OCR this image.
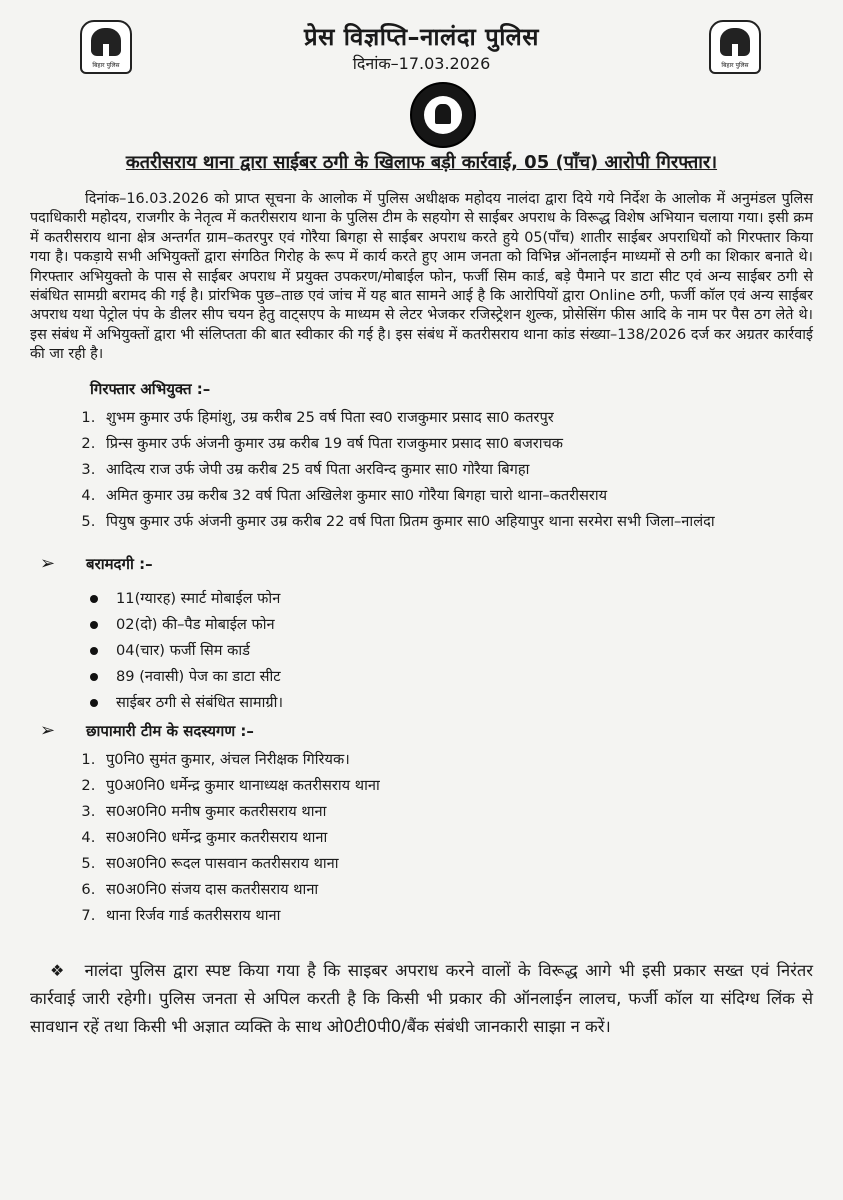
बिहार पुलिस
प्रेस विज्ञप्ति–नालंदा पुलिस
दिनांक–17.03.2026	बिहार पुलिस
कतरीसराय थाना द्वारा साईबर ठगी के खिलाफ बड़ी कार्रवाई, 05 (पाँच) आरोपी गिरफ्तार।

दिनांक–16.03.2026 को प्राप्त सूचना के आलोक में पुलिस अधीक्षक महोदय नालंदा द्वारा दिये गये निर्देश के आलोक में अनुमंडल पुलिस पदाधिकारी महोदय, राजगीर के नेतृत्व में कतरीसराय थाना के पुलिस टीम के सहयोग से साईबर अपराध के विरूद्ध विशेष अभियान चलाया गया। इसी क्रम में कतरीसराय थाना क्षेत्र अन्तर्गत ग्राम–कतरपुर एवं गोरैया बिगहा से साईबर अपराध करते हुये 05(पाँच) शातीर साईबर अपराधियों को गिरफ्तार किया गया है। पकड़ाये सभी अभियुक्तों द्वारा संगठित गिरोह के रूप में कार्य करते हुए आम जनता को विभिन्न ऑनलाईन माध्यमों से ठगी का शिकार बनाते थे। गिरफ्तार अभियुक्तो के पास से साईबर अपराध में प्रयुक्त उपकरण/मोबाईल फोन, फर्जी सिम कार्ड, बड़े पैमाने पर डाटा सीट एवं अन्य साईबर ठगी से संबंधित सामग्री बरामद की गई है। प्रांरभिक पुछ–ताछ एवं जांच में यह बात सामने आई है कि आरोपियों द्वारा Online ठगी, फर्जी कॉल एवं अन्य साईबर अपराध यथा पेट्रोल पंप के डीलर सीप चयन हेतु वाट्सएप के माध्यम से लेटर भेजकर रजिस्ट्रेशन शुल्क, प्रोसेसिंग फीस आदि के नाम पर पैस ठग लेते थे। इस संबंध में अभियुक्तों द्वारा भी संलिप्तता की बात स्वीकार की गई है। इस संबंध में कतरीसराय थाना कांड संख्या–138/2026 दर्ज कर अग्रतर कार्रवाई की जा रही है।

गिरफ्तार अभियुक्त :–
1. शुभम कुमार उर्फ हिमांशु, उम्र करीब 25 वर्ष पिता स्व0 राजकुमार प्रसाद सा0 कतरपुर
2. प्रिन्स कुमार उर्फ अंजनी कुमार उम्र करीब 19 वर्ष पिता राजकुमार प्रसाद सा0 बजराचक
3. आदित्य राज उर्फ जेपी उम्र करीब 25 वर्ष पिता अरविन्द कुमार सा0 गोरैया बिगहा
4. अमित कुमार उम्र करीब 32 वर्ष पिता अखिलेश कुमार सा0 गोरैया बिगहा चारो थाना–कतरीसराय
5. पियुष कुमार उर्फ अंजनी कुमार उम्र करीब 22 वर्ष पिता प्रितम कुमार सा0 अहियापुर थाना सरमेरा सभी जिला–नालंदा
➢	बरामदगी :–
11(ग्यारह) स्मार्ट मोबाईल फोन
02(दो) की–पैड मोबाईल फोन
04(चार) फर्जी सिम कार्ड
89 (नवासी) पेज का डाटा सीट
साईबर ठगी से संबंधित सामाग्री।
➢	छापामारी टीम के सदस्यगण :–
1. पु0नि0 सुमंत कुमार, अंचल निरीक्षक गिरियक।
2. पु0अ0नि0 धर्मेन्द्र कुमार थानाध्यक्ष कतरीसराय थाना
3. स0अ0नि0 मनीष कुमार कतरीसराय थाना
4. स0अ0नि0 धर्मेन्द्र कुमार कतरीसराय थाना
5. स0अ0नि0 रूदल पासवान कतरीसराय थाना
6. स0अ0नि0 संजय दास कतरीसराय थाना
7. थाना रिर्जव गार्ड कतरीसराय थाना

❖ नालंदा पुलिस द्वारा स्पष्ट किया गया है कि साइबर अपराध करने वालों के विरूद्ध आगे भी इसी प्रकार सख्त एवं निरंतर कार्रवाई जारी रहेगी। पुलिस जनता से अपिल करती है कि किसी भी प्रकार की ऑनलाईन लालच, फर्जी कॉल या संदिग्ध लिंक से सावधान रहें तथा किसी भी अज्ञात व्यक्ति के साथ ओ0टी0पी0/बैंक संबंधी जानकारी साझा न करें।
